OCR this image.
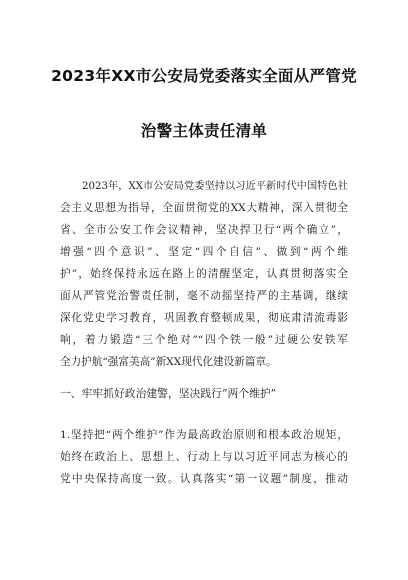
2023年XX市公安局党委落实全面从严管党
治警主体责任清单
2023年，XX市公安局党委坚持以习近平新时代中国特色社
会主义思想为指导，全面贯彻党的XX大精神，深入贯彻全
省、全市公安工作会议精神，坚决捍卫行“两个确立”，
增强“四个意识”、坚定“四个自信”、做到“两个维
护”，始终保持永远在路上的清醒坚定，认真贯彻落实全
面从严管党治警责任制，毫不动摇坚持严的主基调，继续
深化党史学习教育，巩固教育整顿成果，彻底肃清流毒影
响，着力锻造“三个绝对”“四个铁一般”过硬公安铁军
全力护航“强富美高”新XX现代化建设新篇章。
一、牢牢抓好政治建警，坚决践行“两个维护”
1.坚持把“两个维护”作为最高政治原则和根本政治规矩，
始终在政治上、思想上、行动上与以习近平同志为核心的
党中央保持高度一致。认真落实“第一议题”制度，推动
